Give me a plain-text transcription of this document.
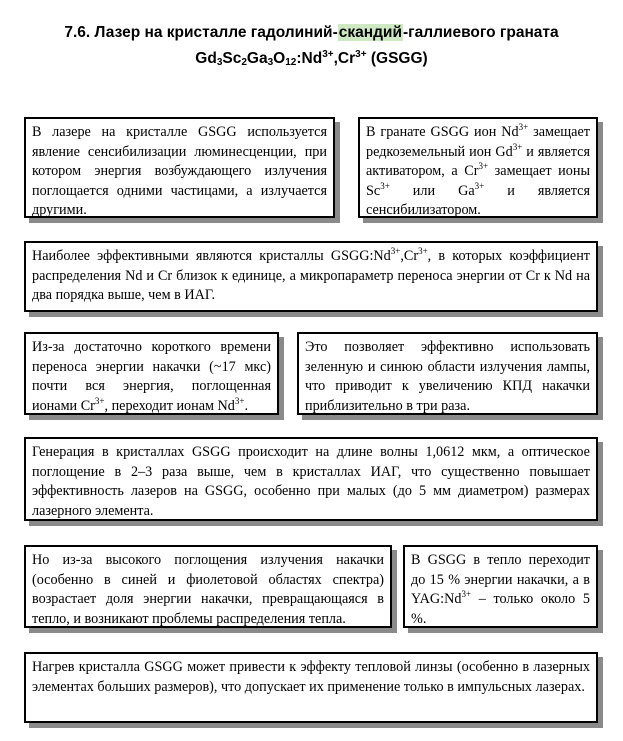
7.6. Лазер на кристалле гадолиний-скандий-галлиевого граната
$Gd_3Sc_2Ga_3O_{12}:Nd^{3+},Cr^{3+}$ (GSGG)

В лазере на кристалле GSGG используется явление сенсибилизации люминесценции, при котором энергия возбуждающего излучения поглощается одними частицами, а излучается другими.

В гранате GSGG ион $Nd^{3+}$ замещает редкоземельный ион $Gd^{3+}$ и является активатором, а $Cr^{3+}$ замещает ионы $Sc^{3+}$ или $Ga^{3+}$ и является сенсибилизатором.

Наиболее эффективными являются кристаллы $GSGG:Nd^{3+},Cr^{3+}$, в которых коэффициент распределения Nd и Cr близок к единице, а микропараметр переноса энергии от Cr к Nd на два порядка выше, чем в ИАГ.

Из-за достаточно короткого времени переноса энергии накачки (~17 мкс) почти вся энергия, поглощенная ионами $Cr^{3+}$, переходит ионам $Nd^{3+}$.

Это позволяет эффективно использовать зеленную и синюю области излучения лампы, что приводит к увеличению КПД накачки приблизительно в три раза.

Генерация в кристаллах GSGG происходит на длине волны 1,0612 мкм, а оптическое поглощение в 2–3 раза выше, чем в кристаллах ИАГ, что существенно повышает эффективность лазеров на GSGG, особенно при малых (до 5 мм диаметром) размерах лазерного элемента.

Но из-за высокого поглощения излучения накачки (особенно в синей и фиолетовой областях спектра) возрастает доля энергии накачки, превращающаяся в тепло, и возникают проблемы распределения тепла.

В GSGG в тепло переходит до 15 % энергии накачки, а в $YAG:Nd^{3+}$ – только около 5 %.

Нагрев кристалла GSGG может привести к эффекту тепловой линзы (особенно в лазерных элементах больших размеров), что допускает их применение только в импульсных лазерах.
